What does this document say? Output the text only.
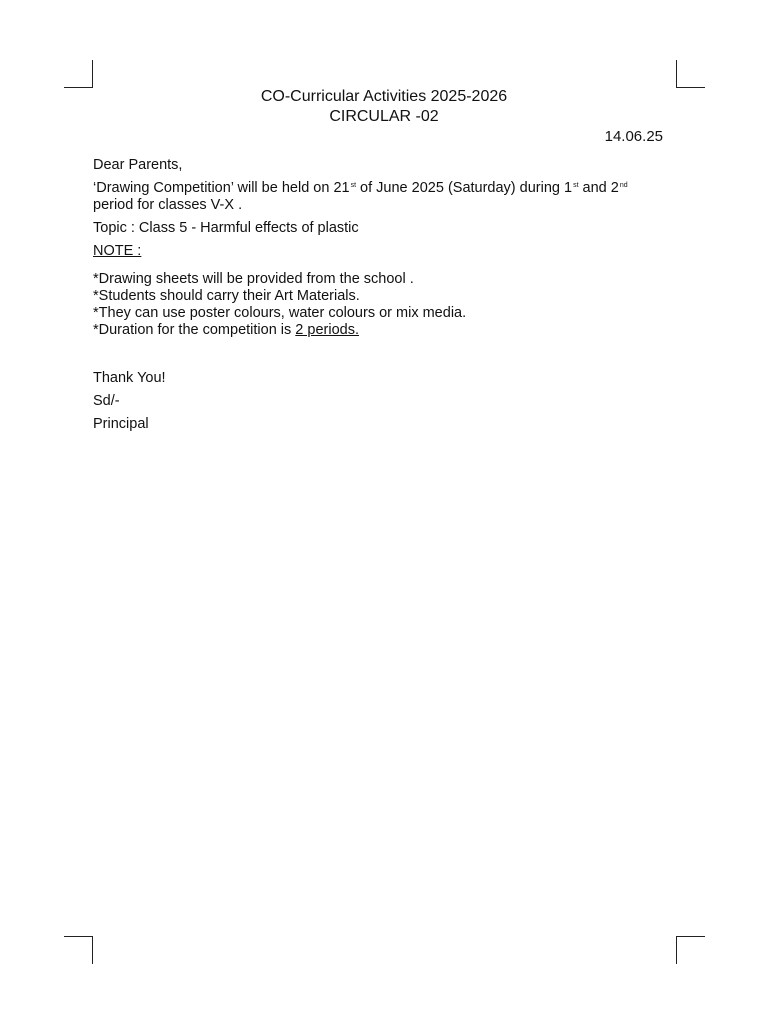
CO-Curricular Activities 2025-2026
CIRCULAR -02
14.06.25
Dear Parents,
‘Drawing Competition’ will be held on 21st of June 2025 (Saturday) during 1st and 2nd
period for classes V-X .
Topic : Class 5 - Harmful effects of plastic
NOTE :
*Drawing sheets will be provided from the school .
*Students should carry their Art Materials.
*They can use poster colours, water colours or mix media.
*Duration for the competition is 2 periods.
Thank You!
Sd/-
Principal
